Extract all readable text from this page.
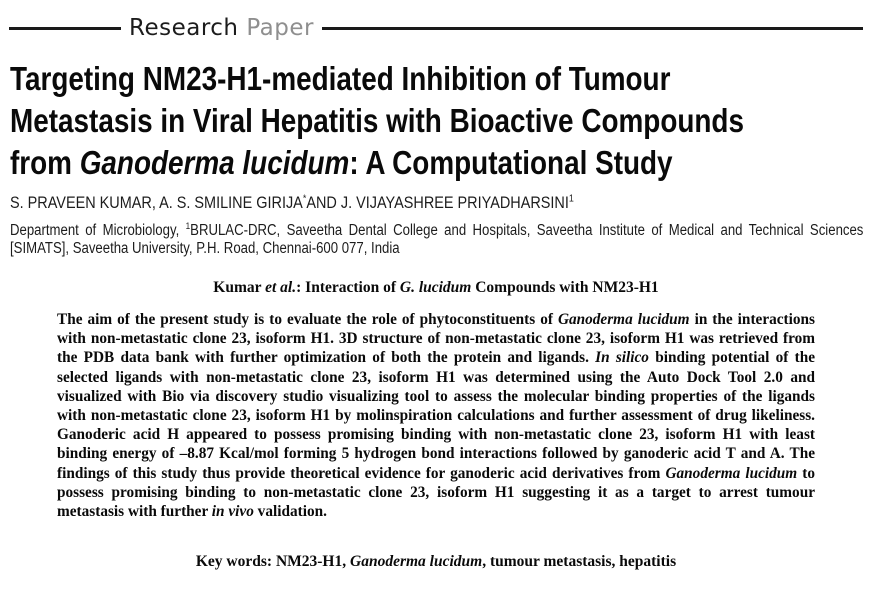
Research Paper
Targeting NM23-H1-mediated Inhibition of Tumour
Metastasis in Viral Hepatitis with Bioactive Compounds
from Ganoderma lucidum: A Computational Study
S. PRAVEEN KUMAR, A. S. SMILINE GIRIJA*AND J. VIJAYASHREE PRIYADHARSINI$^1$

Department of Microbiology, $^1$BRULAC-DRC, Saveetha Dental College and Hospitals, Saveetha Institute of Medical and Technical Sciences [SIMATS], Saveetha University, P.H. Road, Chennai-600 077, India

Kumar et al.: Interaction of G. lucidum Compounds with NM23-H1

The aim of the present study is to evaluate the role of phytoconstituents of Ganoderma lucidum in the interactions with non-metastatic clone 23, isoform H1. 3D structure of non-metastatic clone 23, isoform H1 was retrieved from the PDB data bank with further optimization of both the protein and ligands. In silico binding potential of the selected ligands with non-metastatic clone 23, isoform H1 was determined using the Auto Dock Tool 2.0 and visualized with Bio via discovery studio visualizing tool to assess the molecular binding properties of the ligands with non-metastatic clone 23, isoform H1 by molinspiration calculations and further assessment of drug likeliness. Ganoderic acid H appeared to possess promising binding with non-metastatic clone 23, isoform H1 with least binding energy of –8.87 Kcal/mol forming 5 hydrogen bond interactions followed by ganoderic acid T and A. The findings of this study thus provide theoretical evidence for ganoderic acid derivatives from Ganoderma lucidum to possess promising binding to non-metastatic clone 23, isoform H1 suggesting it as a target to arrest tumour metastasis with further in vivo validation.

Key words: NM23-H1, Ganoderma lucidum, tumour metastasis, hepatitis
